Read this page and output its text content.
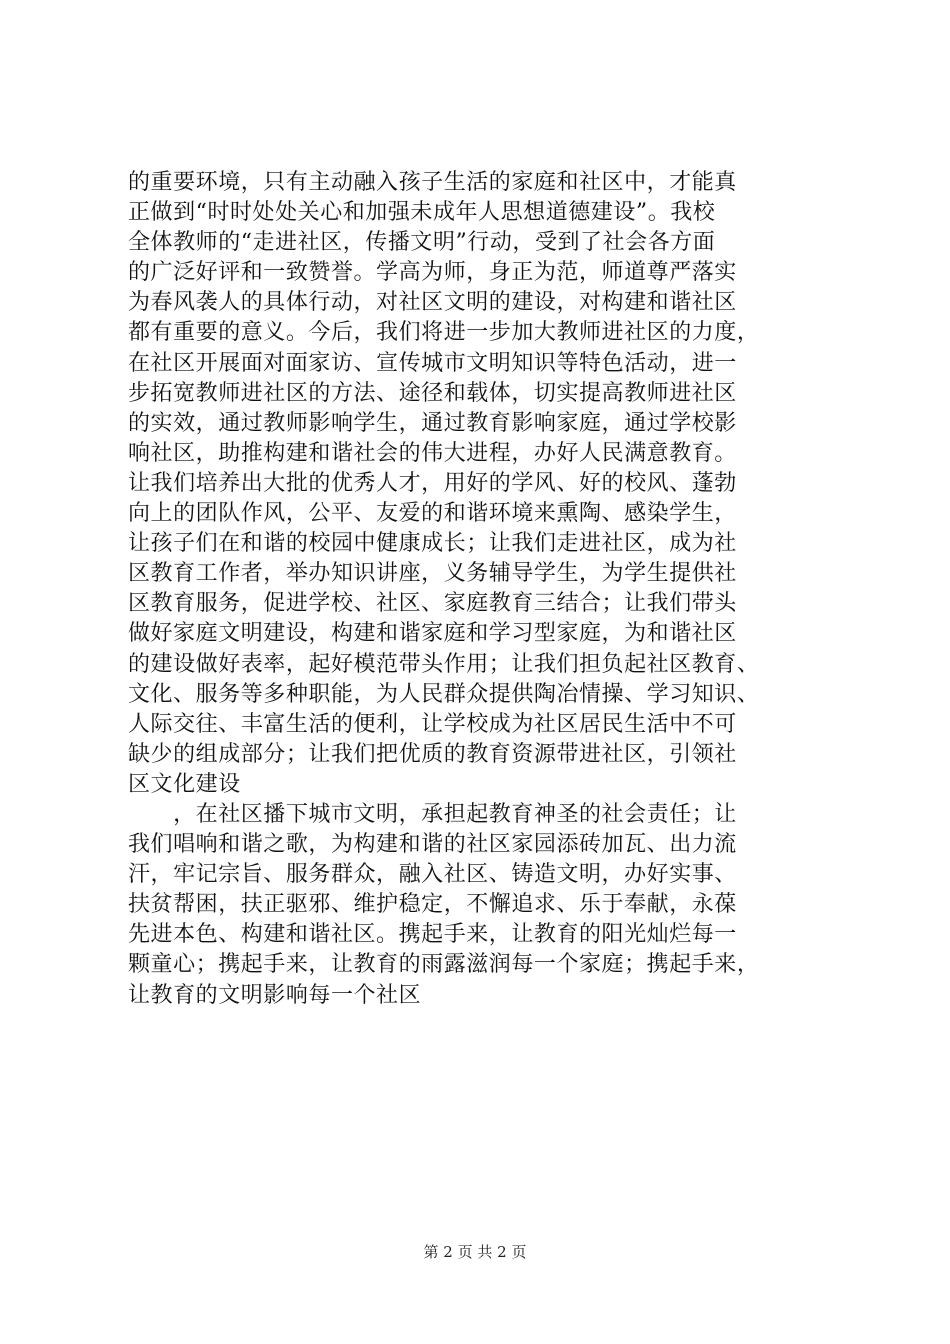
的重要环境，只有主动融入孩子生活的家庭和社区中，才能真
正做到“时时处处关心和加强未成年人思想道德建设”。我校
全体教师的“走进社区，传播文明”行动，受到了社会各方面
的广泛好评和一致赞誉。学高为师，身正为范，师道尊严落实
为春风袭人的具体行动，对社区文明的建设，对构建和谐社区
都有重要的意义。今后，我们将进一步加大教师进社区的力度，
在社区开展面对面家访、宣传城市文明知识等特色活动，进一
步拓宽教师进社区的方法、途径和载体，切实提高教师进社区
的实效，通过教师影响学生，通过教育影响家庭，通过学校影
响社区，助推构建和谐社会的伟大进程，办好人民满意教育。
让我们培养出大批的优秀人才，用好的学风、好的校风、蓬勃
向上的团队作风，公平、友爱的和谐环境来熏陶、感染学生，
让孩子们在和谐的校园中健康成长；让我们走进社区，成为社
区教育工作者，举办知识讲座，义务辅导学生，为学生提供社
区教育服务，促进学校、社区、家庭教育三结合；让我们带头
做好家庭文明建设，构建和谐家庭和学习型家庭，为和谐社区
的建设做好表率，起好模范带头作用；让我们担负起社区教育、
文化、服务等多种职能，为人民群众提供陶冶情操、学习知识、
人际交往、丰富生活的便利，让学校成为社区居民生活中不可
缺少的组成部分；让我们把优质的教育资源带进社区，引领社
区文化建设
　　，在社区播下城市文明，承担起教育神圣的社会责任；让
我们唱响和谐之歌，为构建和谐的社区家园添砖加瓦、出力流
汗，牢记宗旨、服务群众，融入社区、铸造文明，办好实事、
扶贫帮困，扶正驱邪、维护稳定，不懈追求、乐于奉献，永葆
先进本色、构建和谐社区。携起手来，让教育的阳光灿烂每一
颗童心；携起手来，让教育的雨露滋润每一个家庭；携起手来，
让教育的文明影响每一个社区
第 2 页 共 2 页
